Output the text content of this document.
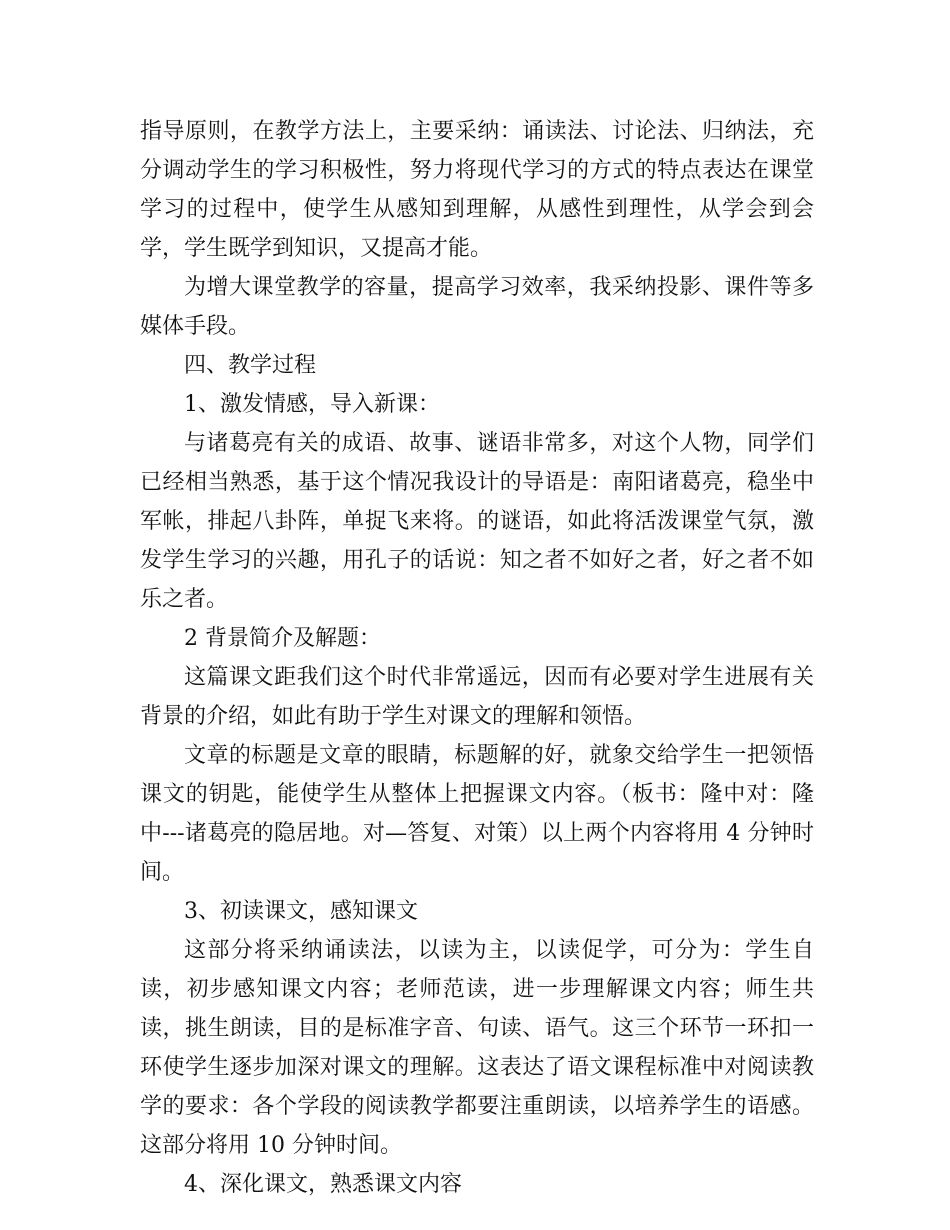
指导原则，在教学方法上，主要采纳：诵读法、讨论法、归纳法，充分调动学生的学习积极性，努力将现代学习的方式的特点表达在课堂学习的过程中，使学生从感知到理解，从感性到理性，从学会到会学，学生既学到知识，又提高才能。

为增大课堂教学的容量，提高学习效率，我采纳投影、课件等多媒体手段。

四、教学过程

1、激发情感，导入新课：

与诸葛亮有关的成语、故事、谜语非常多，对这个人物，同学们已经相当熟悉，基于这个情况我设计的导语是：南阳诸葛亮，稳坐中军帐，排起八卦阵，单捉飞来将。的谜语，如此将活泼课堂气氛，激发学生学习的兴趣，用孔子的话说：知之者不如好之者，好之者不如乐之者。

2 背景简介及解题：

这篇课文距我们这个时代非常遥远，因而有必要对学生进展有关背景的介绍，如此有助于学生对课文的理解和领悟。

文章的标题是文章的眼睛，标题解的好，就象交给学生一把领悟课文的钥匙，能使学生从整体上把握课文内容。（板书：隆中对：隆中---诸葛亮的隐居地。对—答复、对策）以上两个内容将用 4 分钟时间。

3、初读课文，感知课文

这部分将采纳诵读法，以读为主，以读促学，可分为：学生自读，初步感知课文内容；老师范读，进一步理解课文内容；师生共读，挑生朗读，目的是标准字音、句读、语气。这三个环节一环扣一环使学生逐步加深对课文的理解。这表达了语文课程标准中对阅读教学的要求：各个学段的阅读教学都要注重朗读，以培养学生的语感。这部分将用 10 分钟时间。

4、深化课文，熟悉课文内容
